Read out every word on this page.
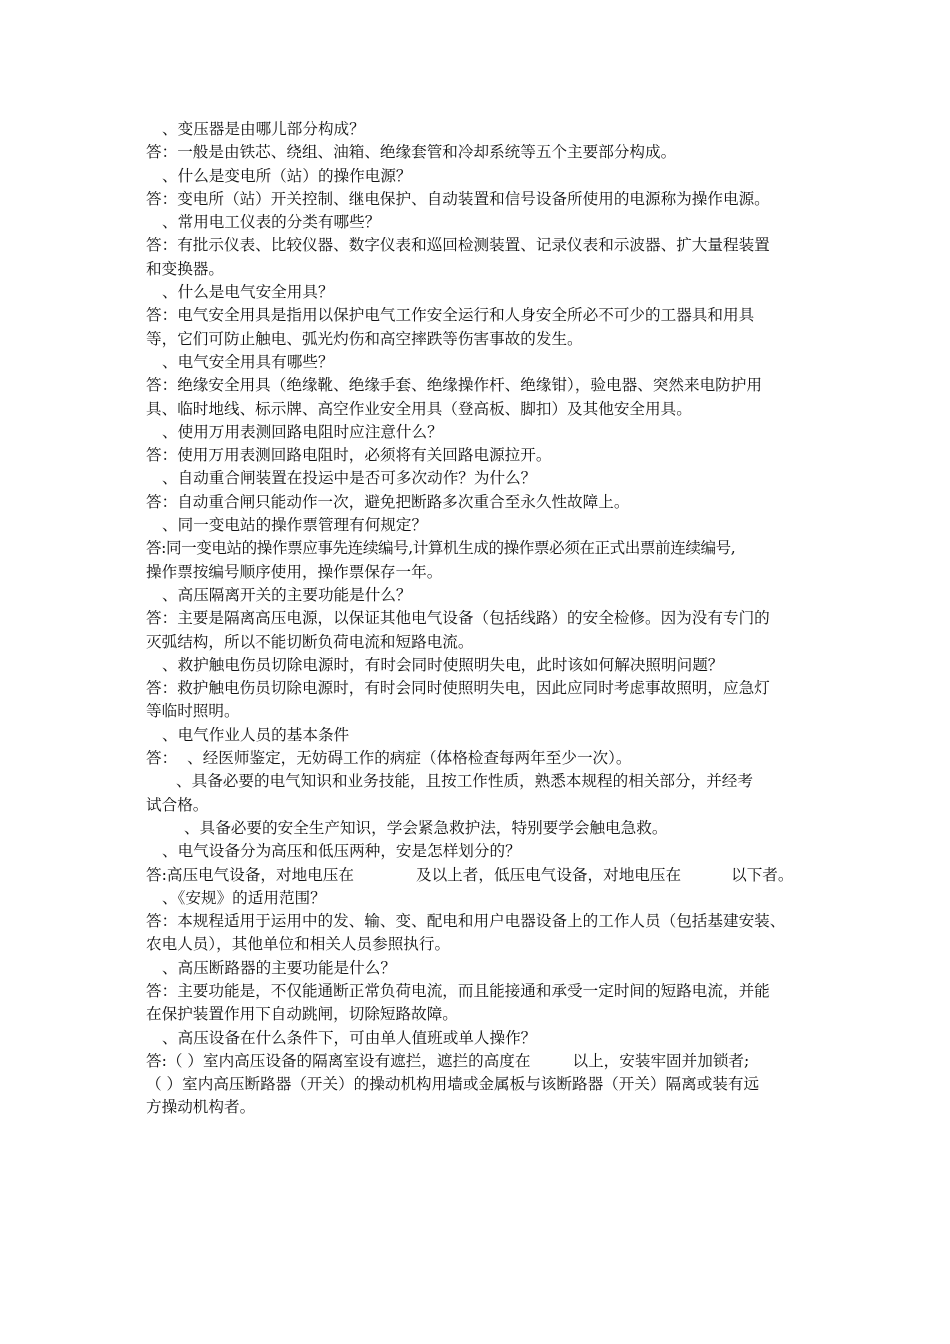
、变压器是由哪儿部分构成？
答：一般是由铁芯、绕组、油箱、绝缘套管和冷却系统等五个主要部分构成。
、什么是变电所（站）的操作电源？
答：变电所（站）开关控制、继电保护、自动装置和信号设备所使用的电源称为操作电源。
、常用电工仪表的分类有哪些？
答：有批示仪表、比较仪器、数字仪表和巡回检测装置、记录仪表和示波器、扩大量程装置
和变换器。
、什么是电气安全用具？
答：电气安全用具是指用以保护电气工作安全运行和人身安全所必不可少的工器具和用具
等，它们可防止触电、弧光灼伤和高空摔跌等伤害事故的发生。
、电气安全用具有哪些？
答：绝缘安全用具（绝缘靴、绝缘手套、绝缘操作杆、绝缘钳），验电器、突然来电防护用
具、临时地线、标示牌、高空作业安全用具（登高板、脚扣）及其他安全用具。
、使用万用表测回路电阻时应注意什么？
答：使用万用表测回路电阻时，必须将有关回路电源拉开。
、自动重合闸装置在投运中是否可多次动作？为什么？
答：自动重合闸只能动作一次，避免把断路多次重合至永久性故障上。
、同一变电站的操作票管理有何规定？
答:同一变电站的操作票应事先连续编号,计算机生成的操作票必须在正式出票前连续编号,
操作票按编号顺序使用，操作票保存一年。
、高压隔离开关的主要功能是什么？
答：主要是隔离高压电源，以保证其他电气设备（包括线路）的安全检修。因为没有专门的
灭弧结构，所以不能切断负荷电流和短路电流。
、救护触电伤员切除电源时，有时会同时使照明失电，此时该如何解决照明问题？
答：救护触电伤员切除电源时，有时会同时使照明失电，因此应同时考虑事故照明，应急灯
等临时照明。
、电气作业人员的基本条件
答：  、经医师鉴定，无妨碍工作的病症（体格检查每两年至少一次）。
、具备必要的电气知识和业务技能，且按工作性质，熟悉本规程的相关部分，并经考
试合格。
、具备必要的安全生产知识，学会紧急救护法，特别要学会触电急救。
、电气设备分为高压和低压两种，安是怎样划分的？
答:高压电气设备，对地电压在	及以上者，低压电气设备，对地电压在	以下者。
、《安规》的适用范围？
答：本规程适用于运用中的发、输、变、配电和用户电器设备上的工作人员（包括基建安装、
农电人员），其他单位和相关人员参照执行。
、高压断路器的主要功能是什么？
答：主要功能是，不仅能通断正常负荷电流，而且能接通和承受一定时间的短路电流，并能
在保护装置作用下自动跳闸，切除短路故障。
、高压设备在什么条件下，可由单人值班或单人操作？
答:（ ）室内高压设备的隔离室设有遮拦，遮拦的高度在	以上，安装牢固并加锁者;
（ ）室内高压断路器（开关）的操动机构用墙或金属板与该断路器（开关）隔离或装有远
方操动机构者。
